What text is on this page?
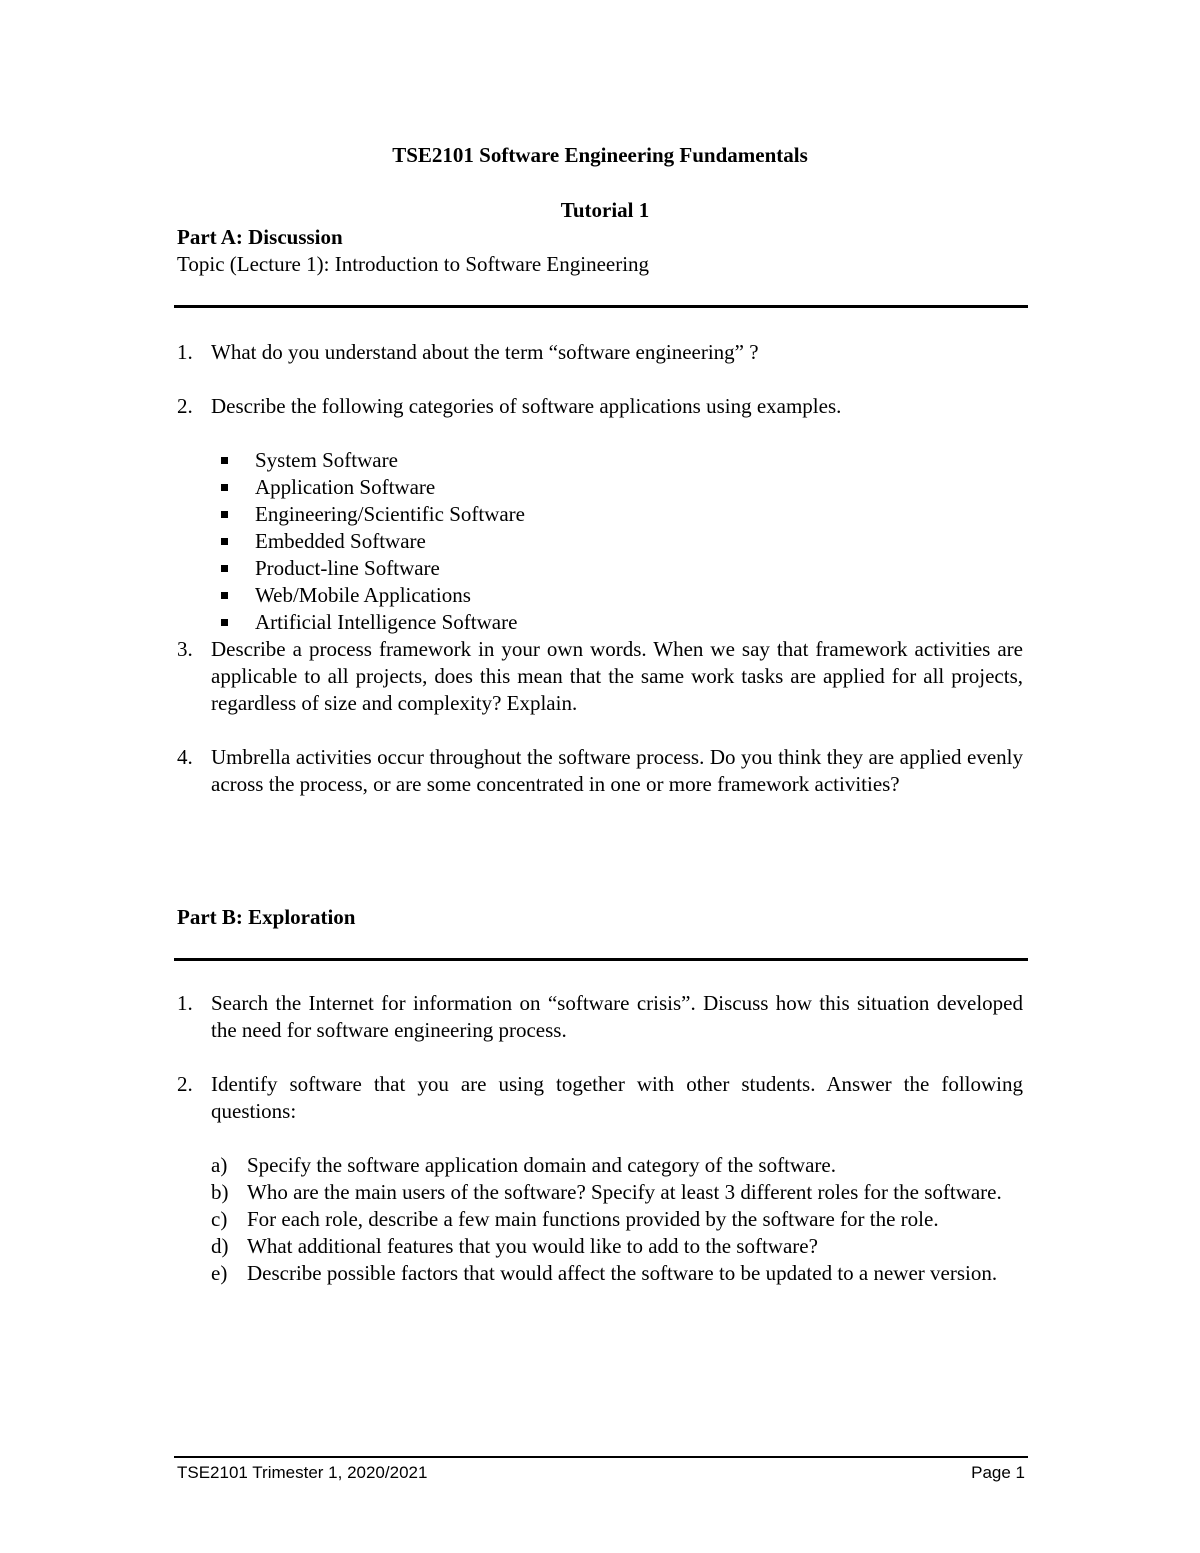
TSE2101 Software Engineering Fundamentals
Tutorial 1
Part A: Discussion
Topic (Lecture 1): Introduction to Software Engineering
1. What do you understand about the term “software engineering” ?
2. Describe the following categories of software applications using examples.
System Software
Application Software
Engineering/Scientific Software
Embedded Software
Product-line Software
Web/Mobile Applications
Artificial Intelligence Software
3. Describe a process framework in your own words. When we say that framework activities are applicable to all projects, does this mean that the same work tasks are applied for all projects, regardless of size and complexity? Explain.
4. Umbrella activities occur throughout the software process. Do you think they are applied evenly across the process, or are some concentrated in one or more framework activities?
Part B: Exploration
1. Search the Internet for information on “software crisis”. Discuss how this situation developed the need for software engineering process.
2. Identify software that you are using together with other students. Answer the following questions:
a) Specify the software application domain and category of the software.
b) Who are the main users of the software? Specify at least 3 different roles for the software.
c) For each role, describe a few main functions provided by the software for the role.
d) What additional features that you would like to add to the software?
e) Describe possible factors that would affect the software to be updated to a newer version.
TSE2101 Trimester 1, 2020/2021	Page 1
